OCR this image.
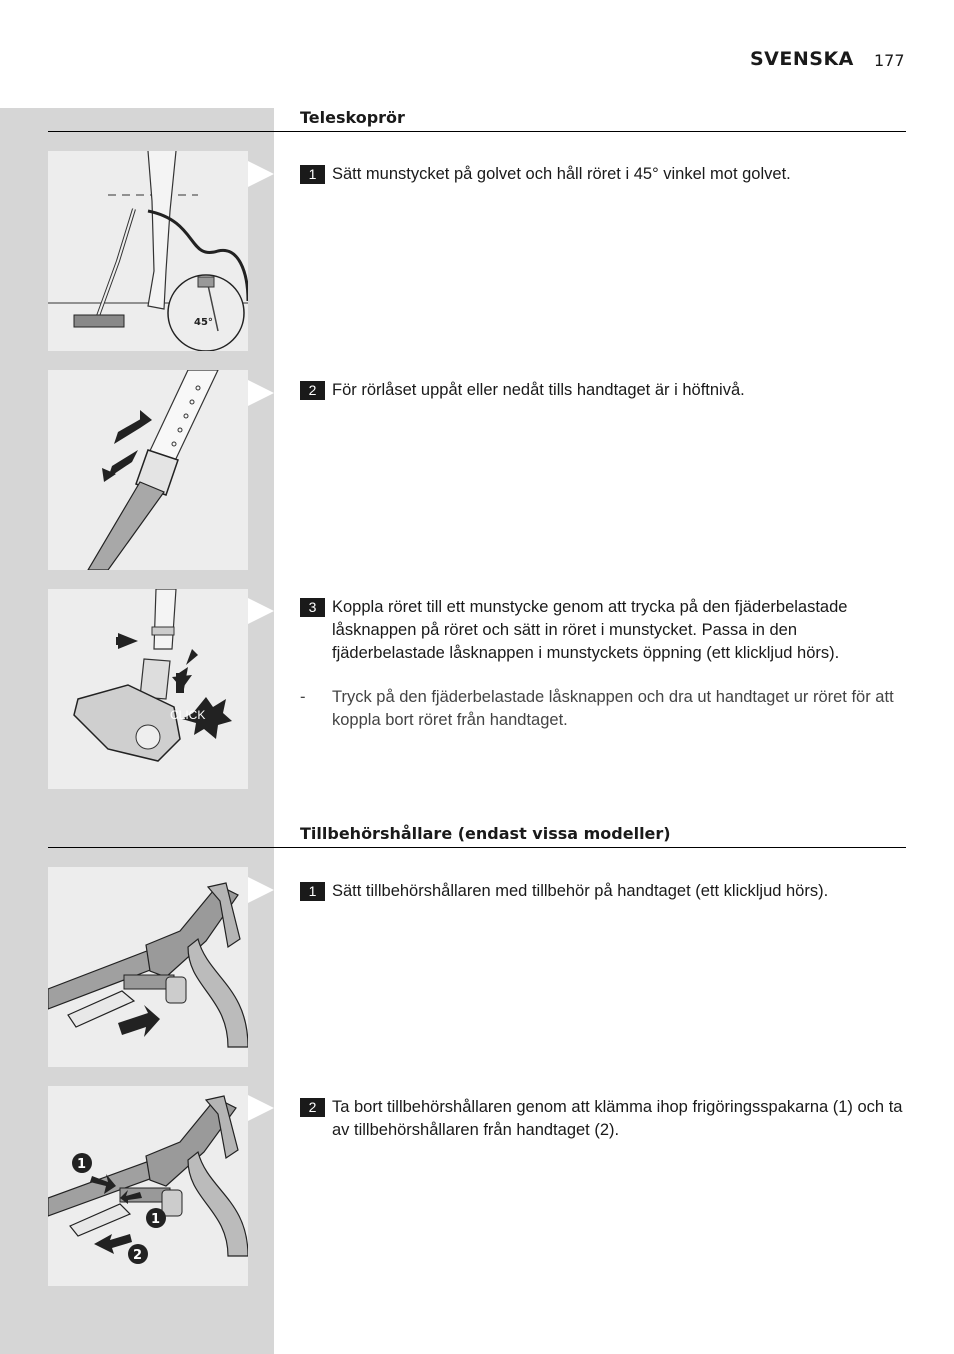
SVENSKA 177
Teleskoprör
45°
1 Sätt munstycket på golvet och håll röret i 45° vinkel mot golvet.
2 För rörlåset uppåt eller nedåt tills handtaget är i höftnivå.
CLICK
3 Koppla röret till ett munstycke genom att trycka på den fjäderbelastade låsknappen på röret och sätt in röret i munstycket. Passa in den fjäderbelastade låsknappen i munstyckets öppning (ett klickljud hörs).
- Tryck på den fjäderbelastade låsknappen och dra ut handtaget ur röret för att koppla bort röret från handtaget.
Tillbehörshållare (endast vissa modeller)
1 Sätt tillbehörshållaren med tillbehör på handtaget (ett klickljud hörs).
1
1
2
2 Ta bort tillbehörshållaren genom att klämma ihop frigöringsspakarna (1) och ta av tillbehörshållaren från handtaget (2).
